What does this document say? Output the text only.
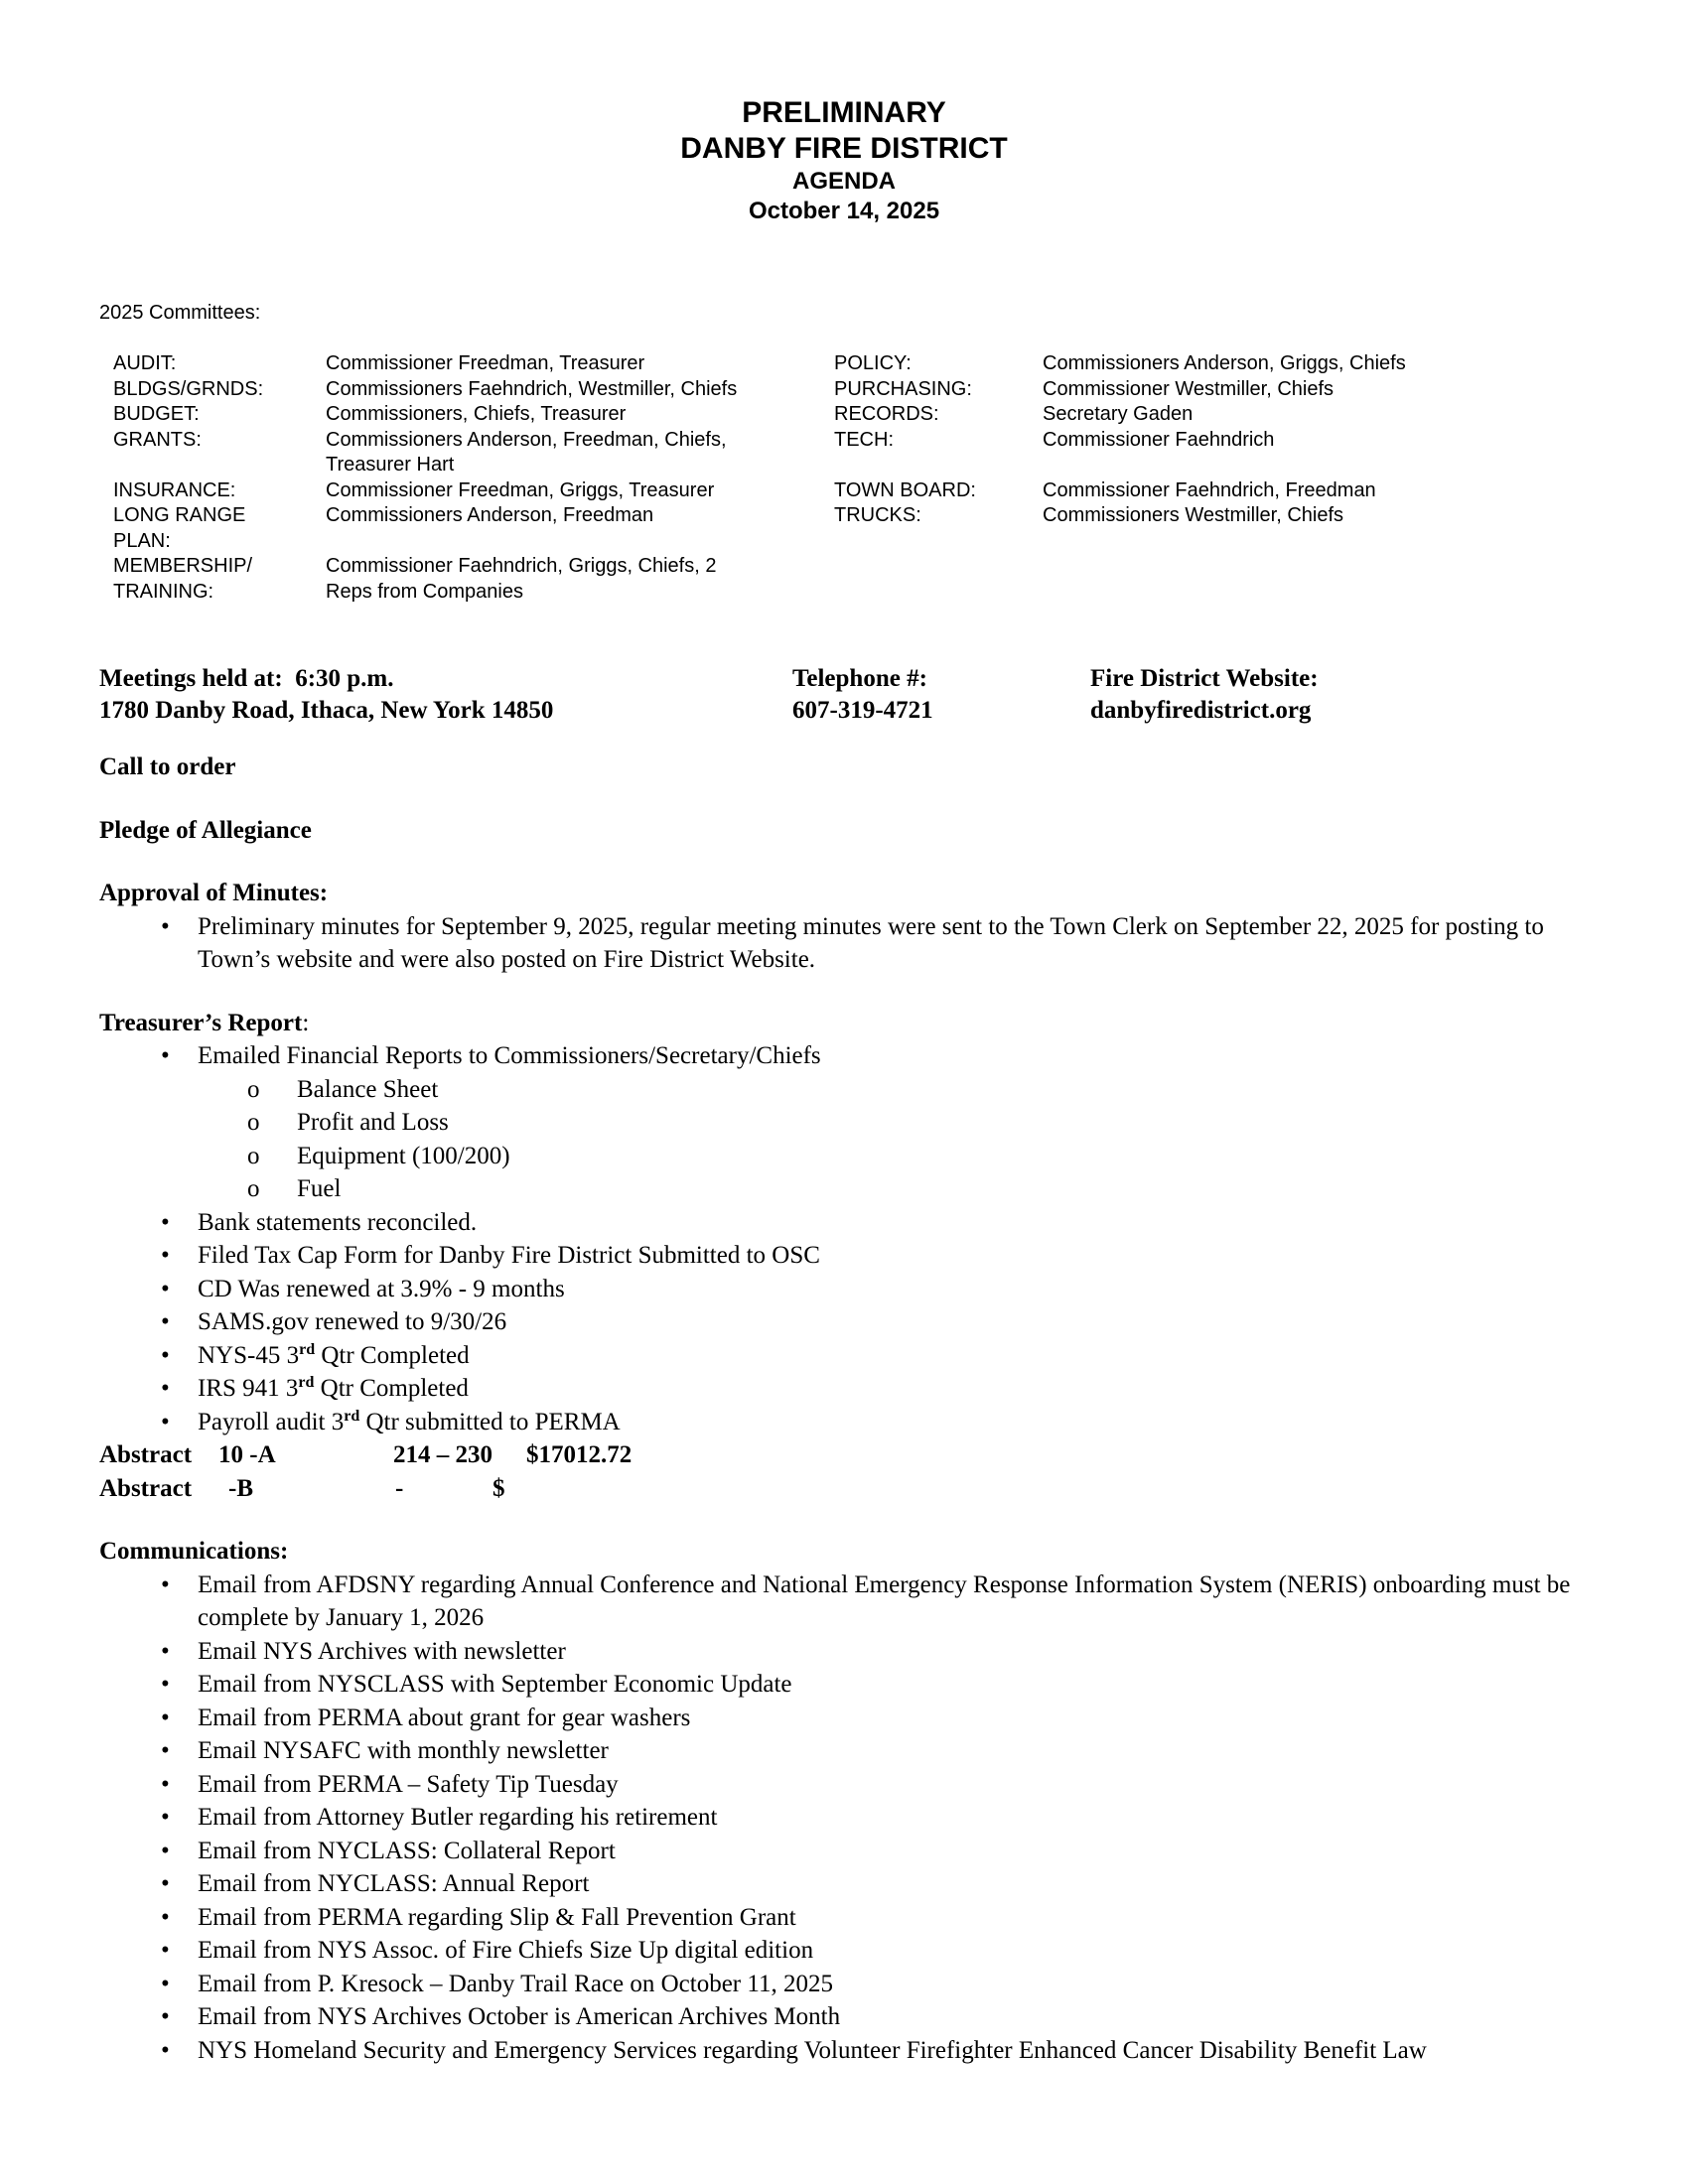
PRELIMINARY
DANBY FIRE DISTRICT
AGENDA
October 14, 2025
2025 Committees:
AUDIT:	Commissioner Freedman, Treasurer
BLDGS/GRNDS:	Commissioners Faehndrich, Westmiller, Chiefs
BUDGET:	Commissioners, Chiefs, Treasurer
GRANTS:	Commissioners Anderson, Freedman, Chiefs, Treasurer Hart
INSURANCE:	Commissioner Freedman, Griggs, Treasurer
LONG RANGE PLAN:
Commissioners Anderson, Freedman
MEMBERSHIP/ TRAINING:
Commissioner Faehndrich, Griggs, Chiefs, 2 Reps from Companies
POLICY:	Commissioners Anderson, Griggs, Chiefs
PURCHASING:	Commissioner Westmiller, Chiefs
RECORDS:	Secretary Gaden
TECH:	Commissioner Faehndrich
TOWN BOARD:	Commissioner Faehndrich, Freedman
TRUCKS:	Commissioners Westmiller, Chiefs
Meetings held at:  6:30 p.m.
1780 Danby Road, Ithaca, New York 14850
Telephone #:
607-319-4721
Fire District Website:
danbyfiredistrict.org
Call to order
Pledge of Allegiance
Approval of Minutes:
• Preliminary minutes for September 9, 2025, regular meeting minutes were sent to the Town Clerk on September 22, 2025 for posting to Town’s website and were also posted on Fire District Website.
Treasurer’s Report:
• Emailed Financial Reports to Commissioners/Secretary/Chiefs
o Balance Sheet
o Profit and Loss
o Equipment (100/200)
o Fuel
• Bank statements reconciled.
• Filed Tax Cap Form for Danby Fire District Submitted to OSC
• CD Was renewed at 3.9% - 9 months
• SAMS.gov renewed to 9/30/26
• NYS-45 3rd Qtr Completed
• IRS 941 3rd Qtr Completed
• Payroll audit 3rd Qtr submitted to PERMA
Abstract 10 -A	214 – 230 $17012.72
Abstract -B	-	$
Communications:
• Email from AFDSNY regarding Annual Conference and National Emergency Response Information System (NERIS) onboarding must be complete by January 1, 2026
• Email NYS Archives with newsletter
• Email from NYSCLASS with September Economic Update
• Email from PERMA about grant for gear washers
• Email NYSAFC with monthly newsletter
• Email from PERMA – Safety Tip Tuesday
• Email from Attorney Butler regarding his retirement
• Email from NYCLASS: Collateral Report
• Email from NYCLASS: Annual Report
• Email from PERMA regarding Slip & Fall Prevention Grant
• Email from NYS Assoc. of Fire Chiefs Size Up digital edition
• Email from P. Kresock – Danby Trail Race on October 11, 2025
• Email from NYS Archives October is American Archives Month
• NYS Homeland Security and Emergency Services regarding Volunteer Firefighter Enhanced Cancer Disability Benefit Law
